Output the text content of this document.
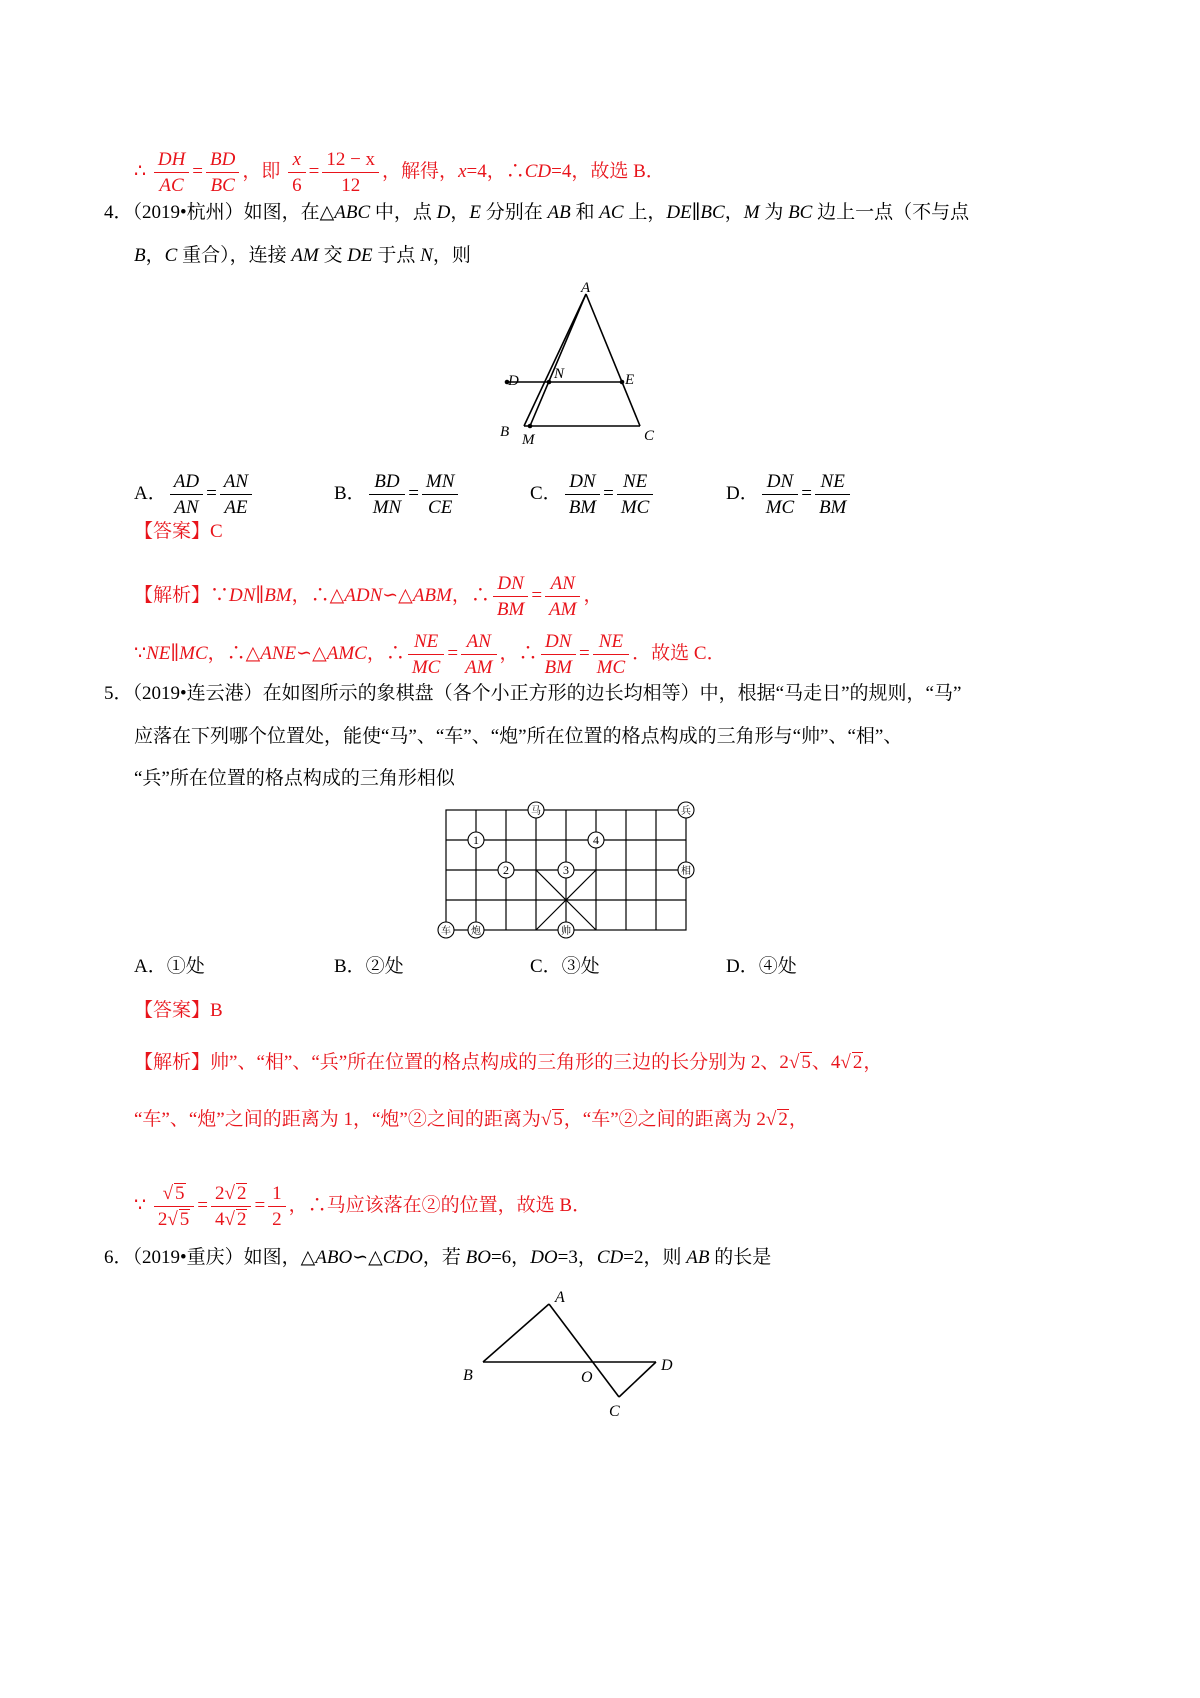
∴ $\frac{DH}{AC} = \frac{BD}{BC}$ ，即 $\frac{x}{6} = \frac{12 - x}{12}$ ，解得，x=4，∴CD=4，故选 B．
4．（2019•杭州）如图，在△ABC 中，点 D，E 分别在 AB 和 AC 上，DE∥BC，M 为 BC 边上一点（不与点
B，C 重合），连接 AM 交 DE 于点 N，则
A
B	C
D	E
M
N
A． $\frac{AD}{AN} = \frac{AN}{AE}$	B． $\frac{BD}{MN} = \frac{MN}{CE}$	C． $\frac{DN}{BM} = \frac{NE}{MC}$	D． $\frac{DN}{MC} = \frac{NE}{BM}$
【答案】C
【解析】∵DN∥BM，∴△ADN∽△ABM，∴ $\frac{DN}{BM} = \frac{AN}{AM}$ ，
∵NE∥MC，∴△ANE∽△AMC，∴ $\frac{NE}{MC} = \frac{AN}{AM}$ ，∴ $\frac{DN}{BM} = \frac{NE}{MC}$ ．故选 C．
5．（2019•连云港）在如图所示的象棋盘（各个小正方形的边长均相等）中，根据“马走日”的规则，“马”
应落在下列哪个位置处，能使“马”、“车”、“炮”所在位置的格点构成的三角形与“帅”、“相”、
“兵”所在位置的格点构成的三角形相似
马	兵
相
车 炮	帅
1
2	3
4
A．①处	B．②处	C．③处	D．④处
【答案】B
【解析】帅”、“相”、“兵”所在位置的格点构成的三角形的三边的长分别为 2、2√ 5、4√ 2，
“车”、“炮”之间的距离为 1，“炮”②之间的距离为√ 5，“车”②之间的距离为 2√ 2，
∵ $\frac{√ 5}{2√ 5} = \frac{2√ 2}{4√ 2} = \frac{1}{2}$ ，∴马应该落在②的位置，故选 B．
6．（2019•重庆）如图，△ABO∽△CDO，若 BO=6，DO=3，CD=2，则 AB 的长是
A
B
C
D
O
